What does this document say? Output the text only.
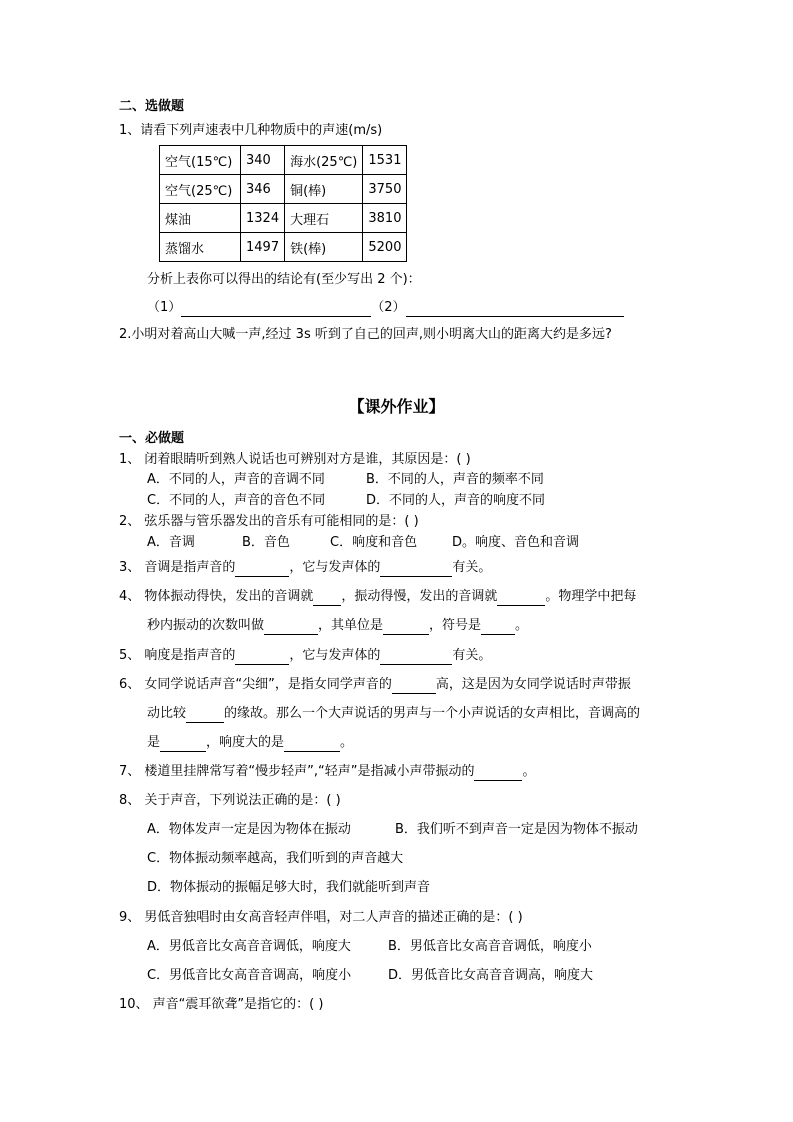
二、选做题
1、请看下列声速表中几种物质中的声速(m/s)
空气(15℃)	340	海水(25℃)	1531
空气(25℃)	346	铜(棒)	3750
煤油	1324	大理石	3810
蒸馏水	1497	铁(棒)	5200
分析上表你可以得出的结论有(至少写出 2 个)：
（1）	（2）
2.小明对着高山大喊一声,经过 3s 听到了自己的回声,则小明离大山的距离大约是多远?
【课外作业】
一、必做题
1、 闭着眼睛听到熟人说话也可辨别对方是谁，其原因是：( )
A．不同的人，声音的音调不同	B．不同的人，声音的频率不同
C．不同的人，声音的音色不同	D．不同的人，声音的响度不同
2、 弦乐器与管乐器发出的音乐有可能相同的是：( )
A．音调	B．音色	C．响度和音色	D。响度、音色和音调
3、 音调是指声音的	，它与发声体的	有关。
4、 物体振动得快，发出的音调就 ，振动得慢，发出的音调就	。物理学中把每
秒内振动的次数叫做	，其单位是	，符号是	。
5、 响度是指声音的	，它与发声体的	有关。
6、 女同学说话声音“尖细”，是指女同学声音的	高，这是因为女同学说话时声带振
动比较	的缘故。那么一个大声说话的男声与一个小声说话的女声相比，音调高的
是	，响度大的是	。
7、 楼道里挂牌常写着“慢步轻声”,“轻声”是指减小声带振动的	。
8、 关于声音，下列说法正确的是：( )
A．物体发声一定是因为物体在振动	B．我们听不到声音一定是因为物体不振动
C．物体振动频率越高，我们听到的声音越大
D．物体振动的振幅足够大时，我们就能听到声音
9、 男低音独唱时由女高音轻声伴唱，对二人声音的描述正确的是：( )
A．男低音比女高音音调低，响度大	B．男低音比女高音音调低，响度小
C．男低音比女高音音调高，响度小	D．男低音比女高音音调高，响度大
10、 声音“震耳欲聋”是指它的：( )
